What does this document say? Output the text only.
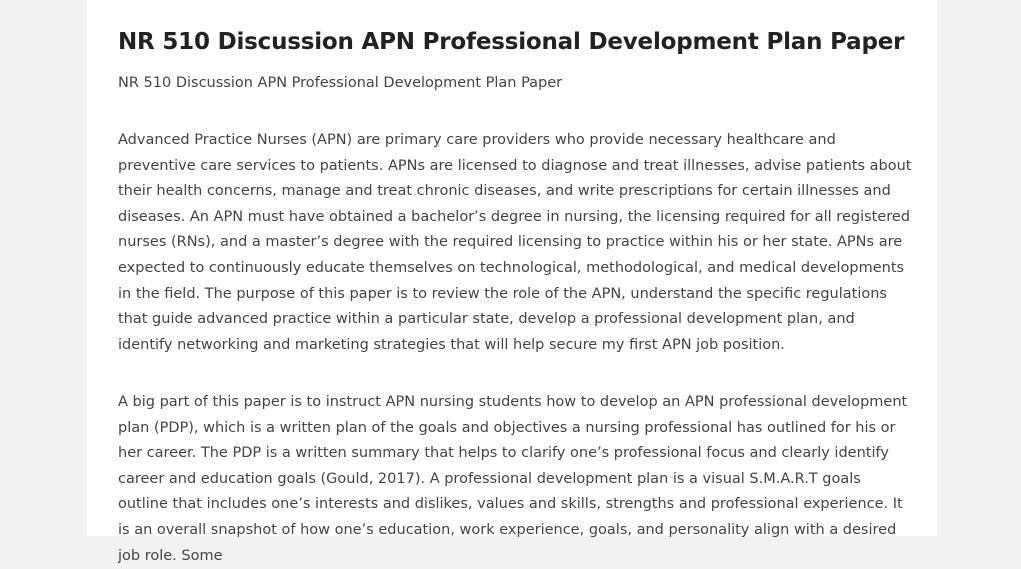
NR 510 Discussion APN Professional Development Plan Paper
NR 510 Discussion APN Professional Development Plan Paper

Advanced Practice Nurses (APN) are primary care providers who provide necessary healthcare and preventive care services to patients. APNs are licensed to diagnose and treat illnesses, advise patients about their health concerns, manage and treat chronic diseases, and write prescriptions for certain illnesses and diseases. An APN must have obtained a bachelor’s degree in nursing, the licensing required for all registered nurses (RNs), and a master’s degree with the required licensing to practice within his or her state. APNs are expected to continuously educate themselves on technological, methodological, and medical developments in the field. The purpose of this paper is to review the role of the APN, understand the specific regulations that guide advanced practice within a particular state, develop a professional development plan, and identify networking and marketing strategies that will help secure my first APN job position.

A big part of this paper is to instruct APN nursing students how to develop an APN professional development plan (PDP), which is a written plan of the goals and objectives a nursing professional has outlined for his or her career. The PDP is a written summary that helps to clarify one’s professional focus and clearly identify career and education goals (Gould, 2017). A professional development plan is a visual S.M.A.R.T goals outline that includes one’s interests and dislikes, values and skills, strengths and professional experience. It is an overall snapshot of how one’s education, work experience, goals, and personality align with a desired job role. Some
